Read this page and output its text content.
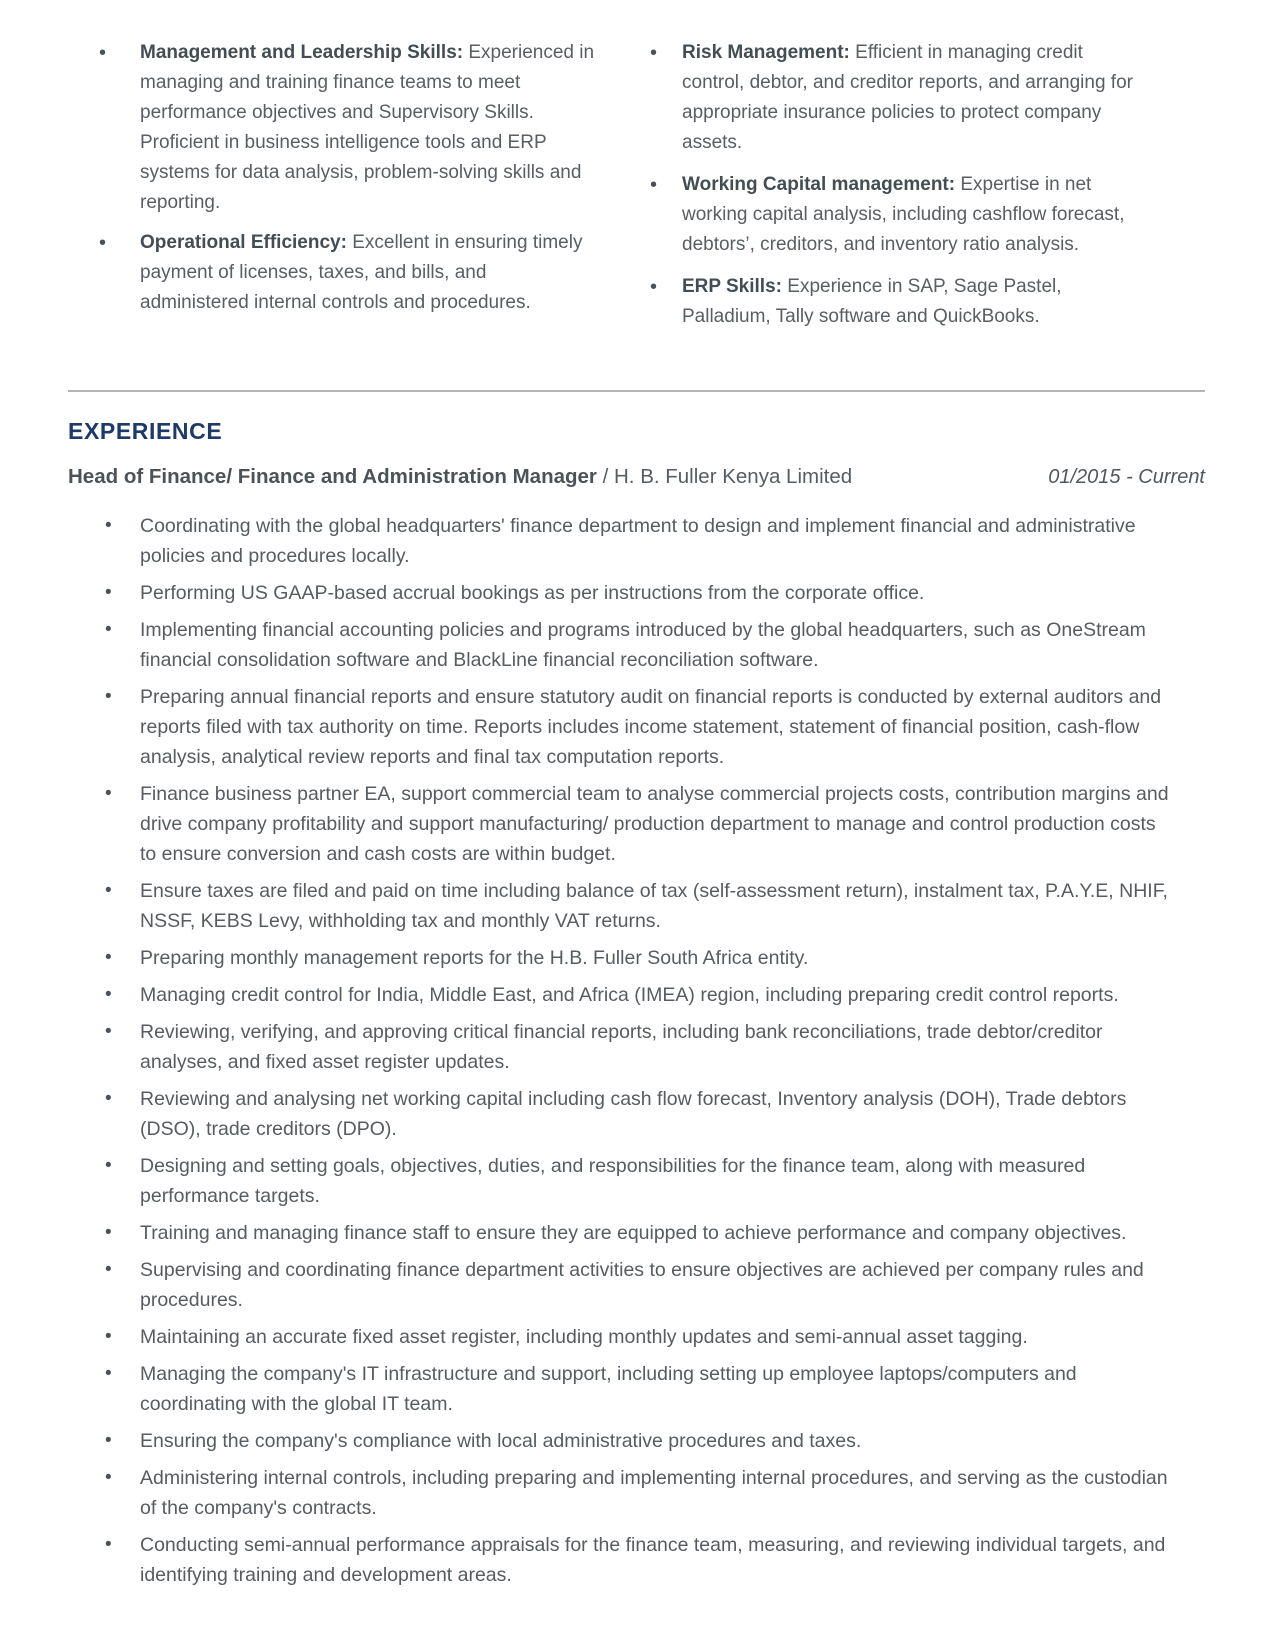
• Management and Leadership Skills: Experienced in managing and training finance teams to meet performance objectives and Supervisory Skills. Proficient in business intelligence tools and ERP systems for data analysis, problem-solving skills and reporting.
• Operational Efficiency: Excellent in ensuring timely payment of licenses, taxes, and bills, and administered internal controls and procedures.
• Risk Management: Efficient in managing credit control, debtor, and creditor reports, and arranging for appropriate insurance policies to protect company assets.
• Working Capital management: Expertise in net working capital analysis, including cashflow forecast, debtors’, creditors, and inventory ratio analysis.
• ERP Skills: Experience in SAP, Sage Pastel, Palladium, Tally software and QuickBooks.
EXPERIENCE
Head of Finance/ Finance and Administration Manager / H. B. Fuller Kenya Limited	01/2015 - Current
• Coordinating with the global headquarters' finance department to design and implement financial and administrative policies and procedures locally.
• Performing US GAAP-based accrual bookings as per instructions from the corporate office.
• Implementing financial accounting policies and programs introduced by the global headquarters, such as OneStream financial consolidation software and BlackLine financial reconciliation software.
• Preparing annual financial reports and ensure statutory audit on financial reports is conducted by external auditors and reports filed with tax authority on time. Reports includes income statement, statement of financial position, cash-flow analysis, analytical review reports and final tax computation reports.
• Finance business partner EA, support commercial team to analyse commercial projects costs, contribution margins and drive company profitability and support manufacturing/ production department to manage and control production costs to ensure conversion and cash costs are within budget.
• Ensure taxes are filed and paid on time including balance of tax (self-assessment return), instalment tax, P.A.Y.E, NHIF, NSSF, KEBS Levy, withholding tax and monthly VAT returns.
• Preparing monthly management reports for the H.B. Fuller South Africa entity.
• Managing credit control for India, Middle East, and Africa (IMEA) region, including preparing credit control reports.
• Reviewing, verifying, and approving critical financial reports, including bank reconciliations, trade debtor/creditor analyses, and fixed asset register updates.
• Reviewing and analysing net working capital including cash flow forecast, Inventory analysis (DOH), Trade debtors (DSO), trade creditors (DPO).
• Designing and setting goals, objectives, duties, and responsibilities for the finance team, along with measured performance targets.
• Training and managing finance staff to ensure they are equipped to achieve performance and company objectives.
• Supervising and coordinating finance department activities to ensure objectives are achieved per company rules and procedures.
• Maintaining an accurate fixed asset register, including monthly updates and semi-annual asset tagging.
• Managing the company's IT infrastructure and support, including setting up employee laptops/computers and coordinating with the global IT team.
• Ensuring the company's compliance with local administrative procedures and taxes.
• Administering internal controls, including preparing and implementing internal procedures, and serving as the custodian of the company's contracts.
• Conducting semi-annual performance appraisals for the finance team, measuring, and reviewing individual targets, and identifying training and development areas.
